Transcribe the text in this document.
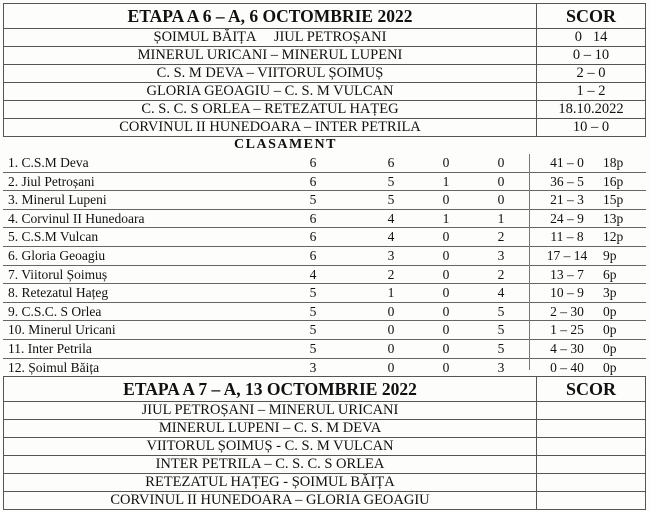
ETAPA A 6 – A, 6 OCTOMBRIE 2022	SCOR
ȘOIMUL BĂIȚA     JIUL PETROȘANI	0   14
MINERUL URICANI – MINERUL LUPENI	0 – 10
C. S. M DEVA – VIITORUL ȘOIMUȘ	2 – 0
GLORIA GEOAGIU – C. S. M VULCAN	1 – 2
C. S. C. S ORLEA – RETEZATUL HAȚEG	18.10.2022
CORVINUL II HUNEDOARA – INTER PETRILA	10 – 0
CLASAMENT
1. C.S.M Deva	6	6	0	0	41 – 0	18p
2. Jiul Petroșani	6	5	1	0	36 – 5	16p
3. Minerul Lupeni	5	5	0	0	21 – 3	15p
4. Corvinul II Hunedoara	6	4	1	1	24 – 9	13p
5. C.S.M Vulcan	6	4	0	2	11 – 8	12p
6. Gloria Geoagiu	6	3	0	3	17 – 14	9p
7. Viitorul Șoimuș	4	2	0	2	13 – 7	6p
8. Retezatul Hațeg	5	1	0	4	10 – 9	3p
9. C.S.C. S Orlea	5	0	0	5	2 – 30	0p
10. Minerul Uricani	5	0	0	5	1 – 25	0p
11. Inter Petrila	5	0	0	5	4 – 30	0p
12. Șoimul Băița	3	0	0	3	0 – 40	0p
ETAPA A 7 – A, 13 OCTOMBRIE 2022	SCOR
JIUL PETROȘANI – MINERUL URICANI	
MINERUL LUPENI – C. S. M DEVA	
VIITORUL ȘOIMUȘ - C. S. M VULCAN	
INTER PETRILA – C. S. C. S ORLEA	
RETEZATUL HAȚEG - ȘOIMUL BĂIȚA	
CORVINUL II HUNEDOARA – GLORIA GEOAGIU	
